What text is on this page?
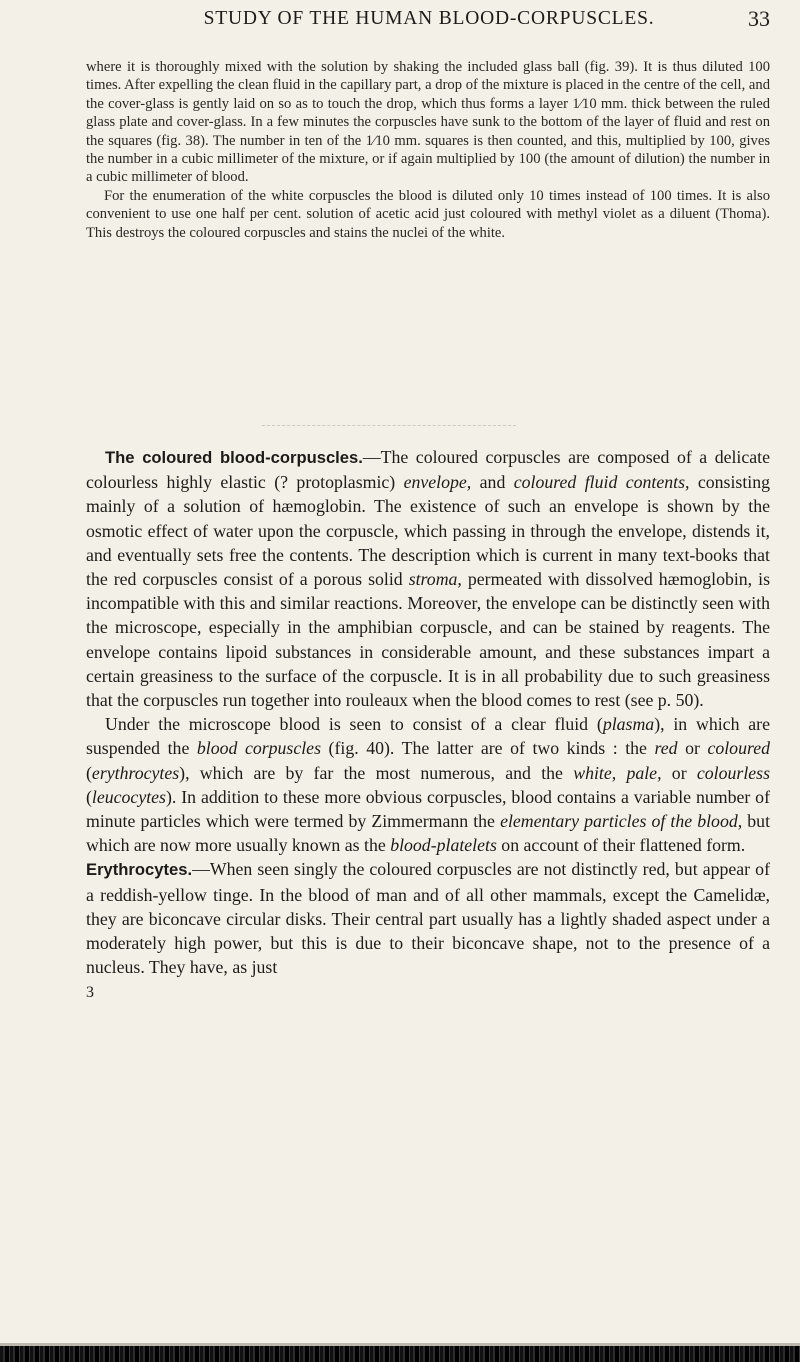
STUDY OF THE HUMAN BLOOD-CORPUSCLES.	33

where it is thoroughly mixed with the solution by shaking the included glass ball (fig. 39). It is thus diluted 100 times. After expelling the clean fluid in the capillary part, a drop of the mixture is placed in the centre of the cell, and the cover-glass is gently laid on so as to touch the drop, which thus forms a layer 1⁄10 mm. thick between the ruled glass plate and cover-glass. In a few minutes the corpuscles have sunk to the bottom of the layer of fluid and rest on the squares (fig. 38). The number in ten of the 1⁄10 mm. squares is then counted, and this, multiplied by 100, gives the number in a cubic millimeter of the mixture, or if again multiplied by 100 (the amount of dilution) the number in a cubic millimeter of blood.

For the enumeration of the white corpuscles the blood is diluted only 10 times instead of 100 times. It is also convenient to use one half per cent. solution of acetic acid just coloured with methyl violet as a diluent (Thoma). This destroys the coloured corpuscles and stains the nuclei of the white.

The coloured blood-corpuscles.—The coloured corpuscles are composed of a delicate colourless highly elastic (? protoplasmic) envelope, and coloured fluid contents, consisting mainly of a solution of hæmoglobin. The existence of such an envelope is shown by the osmotic effect of water upon the corpuscle, which passing in through the envelope, distends it, and eventually sets free the contents. The description which is current in many text-books that the red corpuscles consist of a porous solid stroma, permeated with dissolved hæmoglobin, is incompatible with this and similar reactions. Moreover, the envelope can be distinctly seen with the microscope, especially in the amphibian corpuscle, and can be stained by reagents. The envelope contains lipoid substances in considerable amount, and these substances impart a certain greasiness to the surface of the corpuscle. It is in all probability due to such greasiness that the corpuscles run together into rouleaux when the blood comes to rest (see p. 50).

Under the microscope blood is seen to consist of a clear fluid (plasma), in which are suspended the blood corpuscles (fig. 40). The latter are of two kinds : the red or coloured (erythrocytes), which are by far the most numerous, and the white, pale, or colourless (leucocytes). In addition to these more obvious corpuscles, blood contains a variable number of minute particles which were termed by Zimmermann the elementary particles of the blood, but which are now more usually known as the blood-platelets on account of their flattened form.

Erythrocytes.—When seen singly the coloured corpuscles are not distinctly red, but appear of a reddish-yellow tinge. In the blood of man and of all other mammals, except the Camelidæ, they are biconcave circular disks. Their central part usually has a lightly shaded aspect under a moderately high power, but this is due to their biconcave shape, not to the presence of a nucleus. They have, as just

3
